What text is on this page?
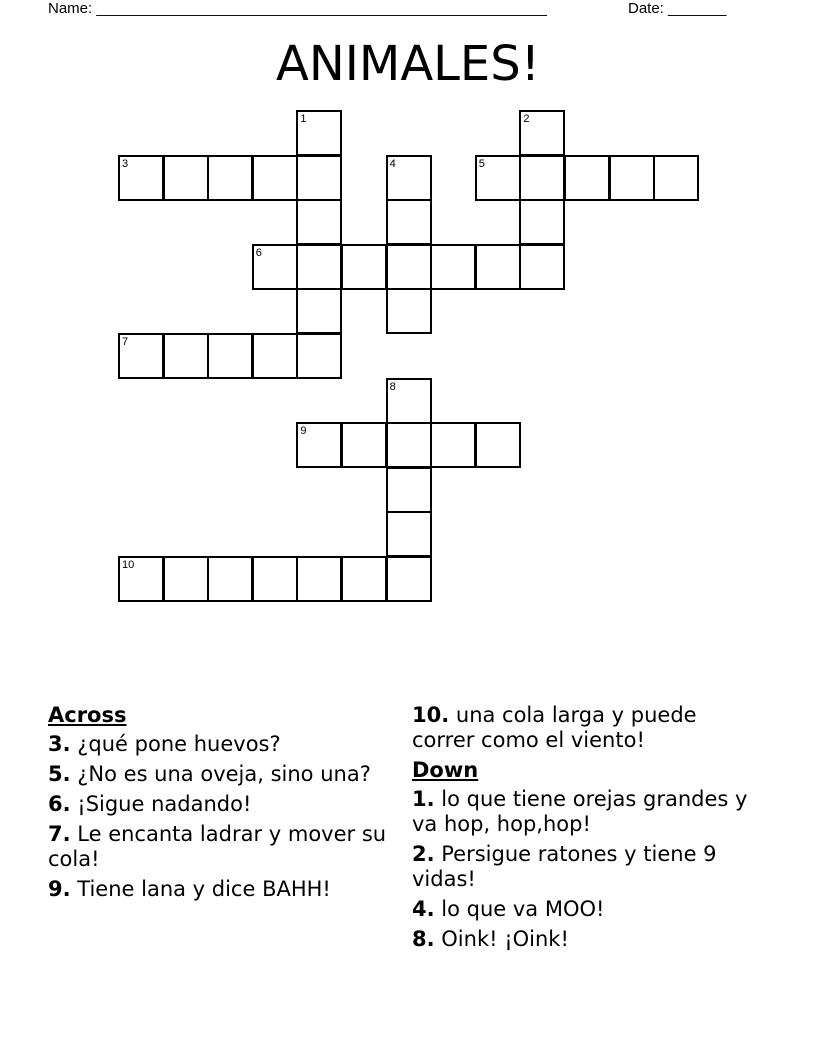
Name: ______________________________________________________	Date: _______
ANIMALES!
3	5
6
7
9
10
1	2
4
8
Across
3. ¿qué pone huevos?
5. ¿No es una oveja, sino una?
6. ¡Sigue nadando!
7. Le encanta ladrar y mover su cola!
9. Tiene lana y dice BAHH!
10. una cola larga y puede correr como el viento!
Down
1. lo que tiene orejas grandes y va hop, hop,hop!
2. Persigue ratones y tiene 9 vidas!
4. lo que va MOO!
8. Oink! ¡Oink!
